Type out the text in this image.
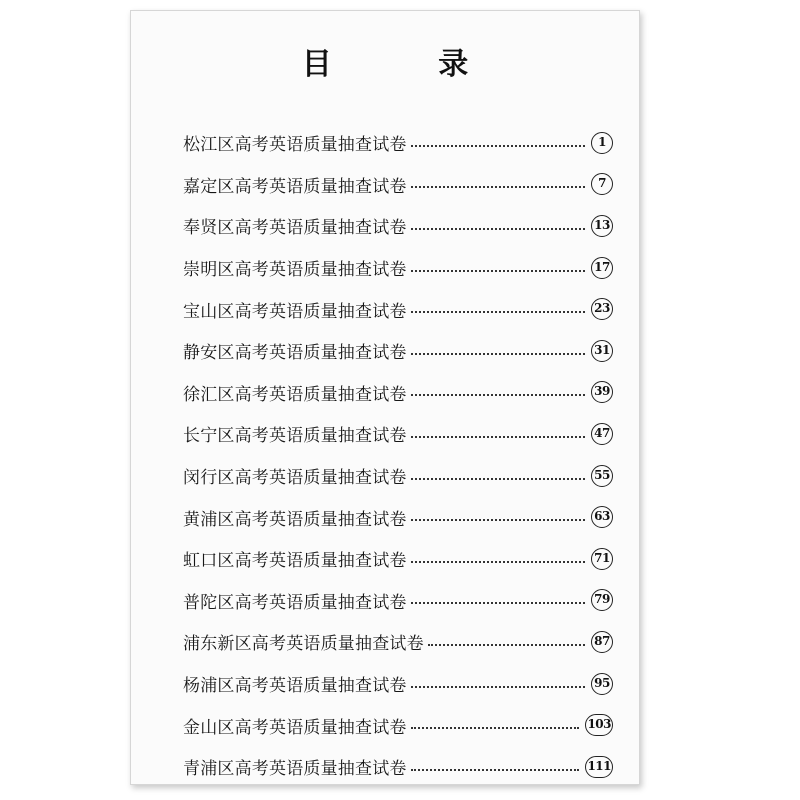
目 录
松江区高考英语质量抽查试卷	1
嘉定区高考英语质量抽查试卷	7
奉贤区高考英语质量抽查试卷	13
崇明区高考英语质量抽查试卷	17
宝山区高考英语质量抽查试卷	23
静安区高考英语质量抽查试卷	31
徐汇区高考英语质量抽查试卷	39
长宁区高考英语质量抽查试卷	47
闵行区高考英语质量抽查试卷	55
黄浦区高考英语质量抽查试卷	63
虹口区高考英语质量抽查试卷	71
普陀区高考英语质量抽查试卷	79
浦东新区高考英语质量抽查试卷	87
杨浦区高考英语质量抽查试卷	95
金山区高考英语质量抽查试卷	103
青浦区高考英语质量抽查试卷	111
